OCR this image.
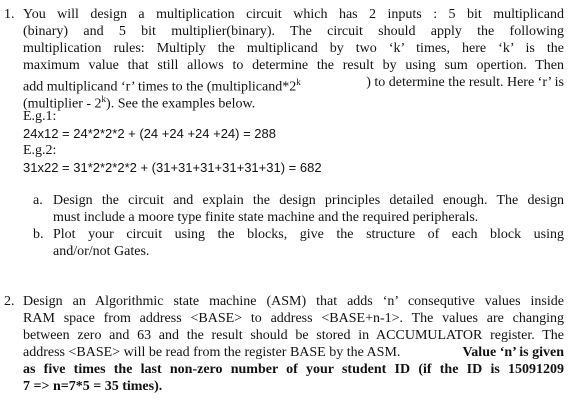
1. You will design a multiplication circuit which has 2 inputs : 5 bit multiplicand

(binary) and 5 bit multiplier(binary). The circuit should apply the following

multiplication rules: Multiply the multiplicand by two ‘k’ times, here ‘k’ is the

maximum value that still allows to determine the result by using sum opertion. Then

add multiplicand ‘r’ times to the (multiplicand*2$^k$	) to determine the result. Here ‘r’ is

(multiplier - 2$^k$). See the examples below.

E.g.1:

24x12 = 24*2*2*2 + (24 +24 +24 +24) = 288

E.g.2:

31x22 = 31*2*2*2*2 + (31+31+31+31+31+31) = 682

a. Design the circuit and explain the design principles detailed enough. The design

must include a moore type finite state machine and the required peripherals.

b. Plot your circuit using the blocks, give the structure of each block using

and/or/not Gates.

2. Design an Algorithmic state machine (ASM) that adds ‘n’ consequtive values inside

RAM space from address <BASE> to address <BASE+n-1>. The values are changing

between zero and 63 and the result should be stored in ACCUMULATOR register. The

address <BASE> will be read from the register BASE by the ASM.	Value ‘n’ is given

as five times the last non-zero number of your student ID (if the ID is 15091209

7 => n=7*5 = 35 times).
